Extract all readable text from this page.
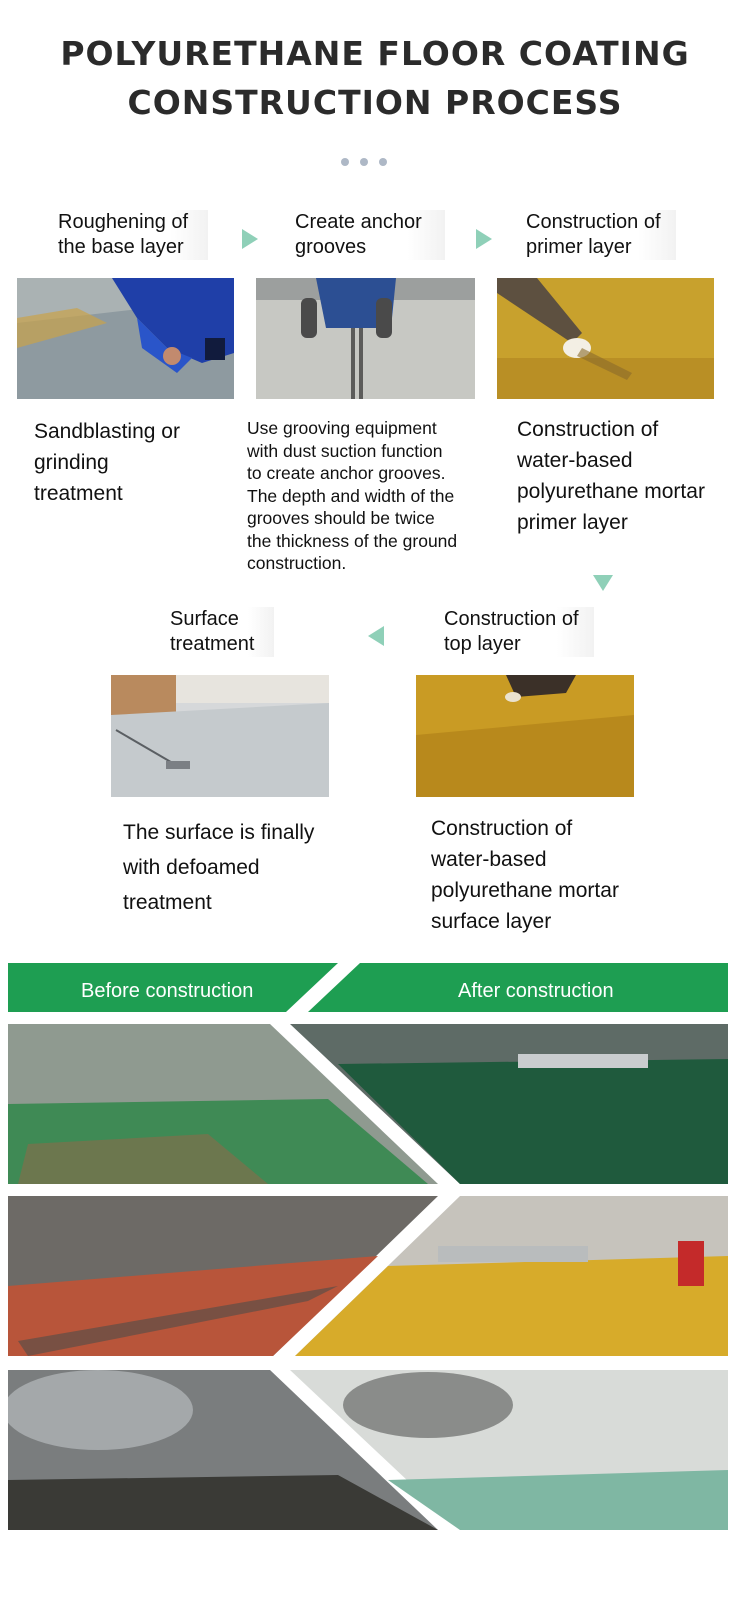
POLYURETHANE FLOOR COATING
CONSTRUCTION PROCESS
Roughening of
the base layer
Sandblasting or
grinding
treatment
Create anchor
grooves
Use grooving equipment
with dust suction function
to create anchor grooves.
The depth and width of the
grooves should be twice
the thickness of the ground
construction.
Construction of
primer layer
Construction of
water-based
polyurethane mortar
primer layer
Construction of
top layer
Construction of
water-based
polyurethane mortar
surface layer
Surface
treatment
The surface is finally
with defoamed
treatment
Before construction	After construction
